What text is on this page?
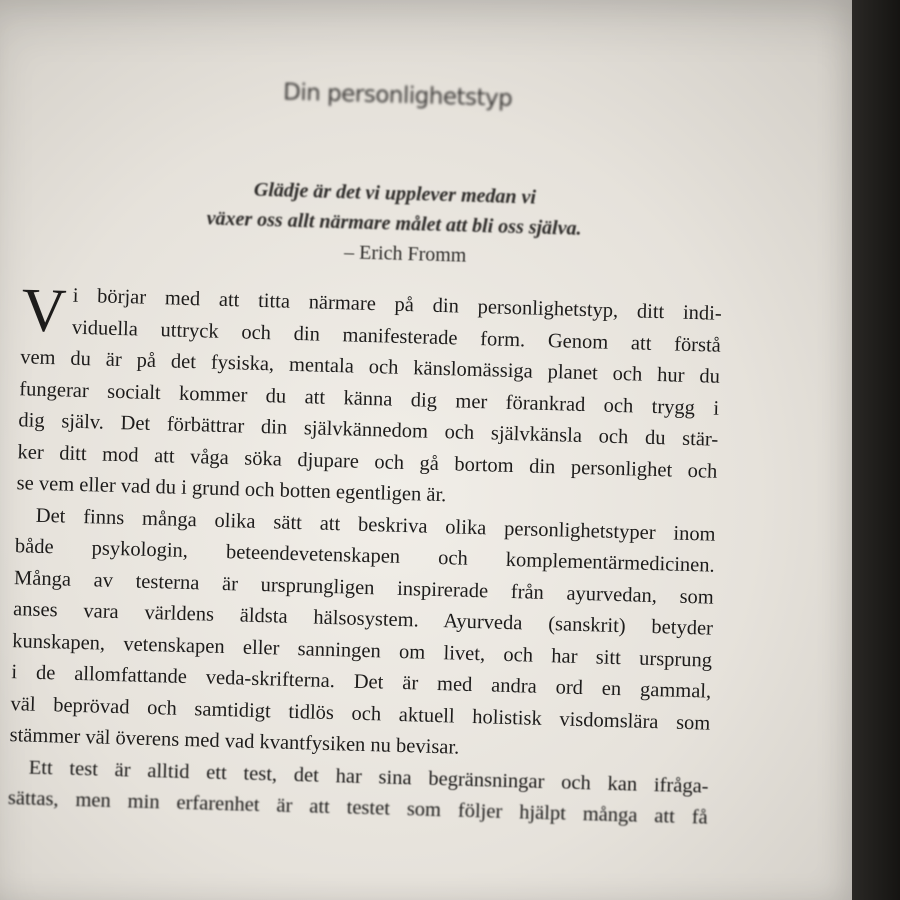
Din personlighetstyp
Glädje är det vi upplever medan vi
växer oss allt närmare målet att bli oss själva.
– Erich Fromm
V i börjar med att titta närmare på din personlighetstyp, ditt indi-
viduella uttryck och din manifesterade form. Genom att förstå
vem du är på det fysiska, mentala och känslomässiga planet och hur du
fungerar socialt kommer du att känna dig mer förankrad och trygg i
dig själv. Det förbättrar din självkännedom och självkänsla och du stär-
ker ditt mod att våga söka djupare och gå bortom din personlighet och
se vem eller vad du i grund och botten egentligen är.
Det finns många olika sätt att beskriva olika personlighetstyper inom
både psykologin, beteendevetenskapen och komplementärmedicinen.
Många av testerna är ursprungligen inspirerade från ayurvedan, som
anses vara världens äldsta hälsosystem. Ayurveda (sanskrit) betyder
kunskapen, vetenskapen eller sanningen om livet, och har sitt ursprung
i de allomfattande veda-skrifterna. Det är med andra ord en gammal,
väl beprövad och samtidigt tidlös och aktuell holistisk visdomslära som
stämmer väl överens med vad kvantfysiken nu bevisar.
Ett test är alltid ett test, det har sina begränsningar och kan ifråga-
sättas, men min erfarenhet är att testet som följer hjälpt många att få
